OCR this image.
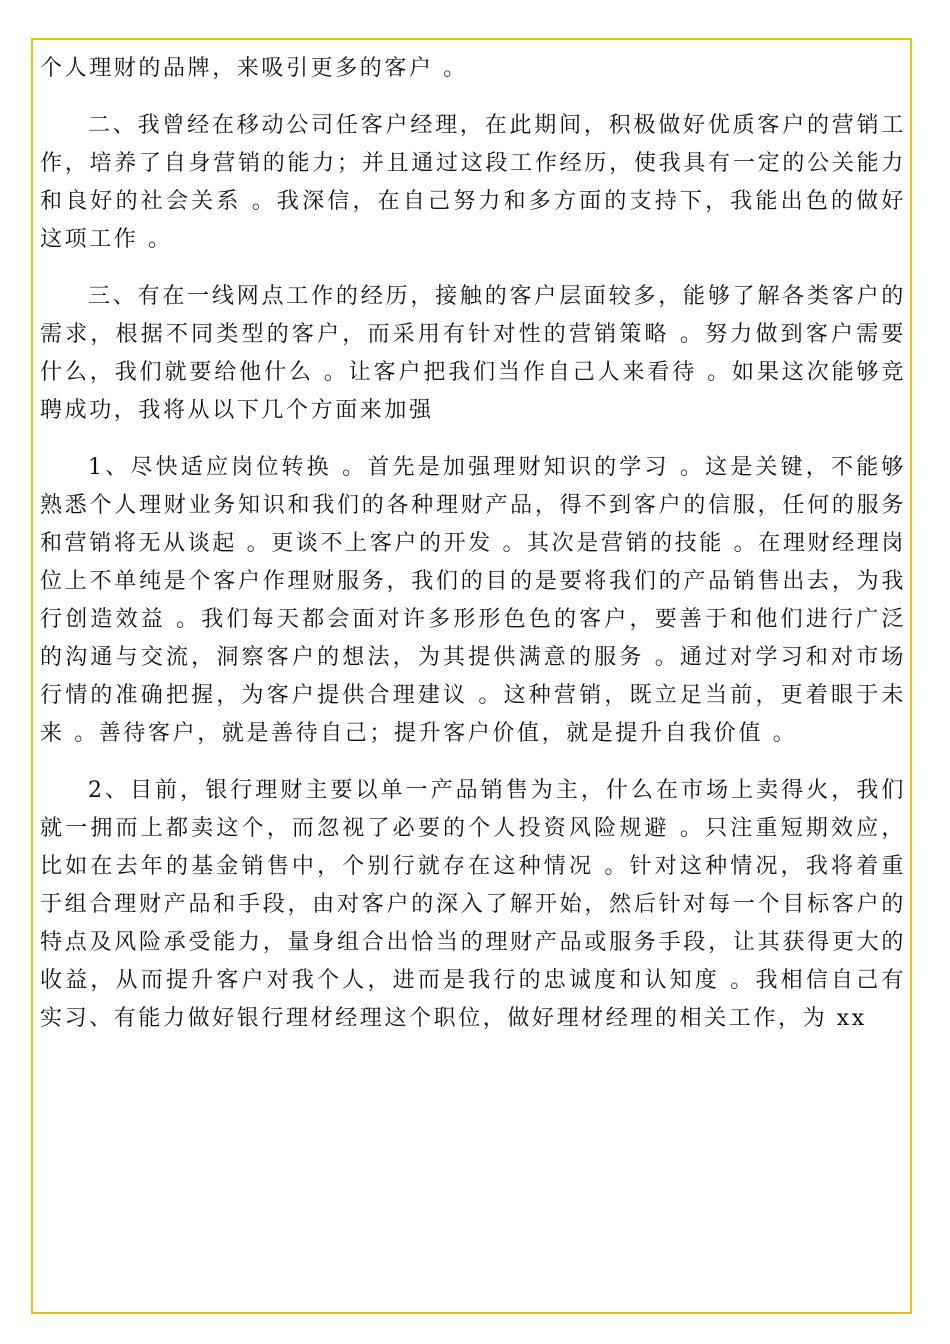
个人理财的品牌，来吸引更多的客户 。

二、我曾经在移动公司任客户经理，在此期间，积极做好优质客户的营销工作，培养了自身营销的能力；并且通过这段工作经历，使我具有一定的公关能力和良好的社会关系 。我深信，在自己努力和多方面的支持下，我能出色的做好这项工作 。

三、有在一线网点工作的经历，接触的客户层面较多，能够了解各类客户的需求，根据不同类型的客户，而采用有针对性的营销策略 。努力做到客户需要什么，我们就要给他什么 。让客户把我们当作自己人来看待 。如果这次能够竞聘成功，我将从以下几个方面来加强

1、尽快适应岗位转换 。首先是加强理财知识的学习 。这是关键，不能够熟悉个人理财业务知识和我们的各种理财产品，得不到客户的信服，任何的服务和营销将无从谈起 。更谈不上客户的开发 。其次是营销的技能 。在理财经理岗位上不单纯是个客户作理财服务，我们的目的是要将我们的产品销售出去，为我行创造效益 。我们每天都会面对许多形形色色的客户，要善于和他们进行广泛的沟通与交流，洞察客户的想法，为其提供满意的服务 。通过对学习和对市场行情的准确把握，为客户提供合理建议 。这种营销，既立足当前，更着眼于未来 。善待客户，就是善待自己；提升客户价值，就是提升自我价值 。

2、目前，银行理财主要以单一产品销售为主，什么在市场上卖得火，我们就一拥而上都卖这个，而忽视了必要的个人投资风险规避 。只注重短期效应，比如在去年的基金销售中，个别行就存在这种情况 。针对这种情况，我将着重于组合理财产品和手段，由对客户的深入了解开始，然后针对每一个目标客户的特点及风险承受能力，量身组合出恰当的理财产品或服务手段，让其获得更大的收益，从而提升客户对我个人，进而是我行的忠诚度和认知度 。我相信自己有实习、有能力做好银行理材经理这个职位，做好理材经理的相关工作，为 xx
